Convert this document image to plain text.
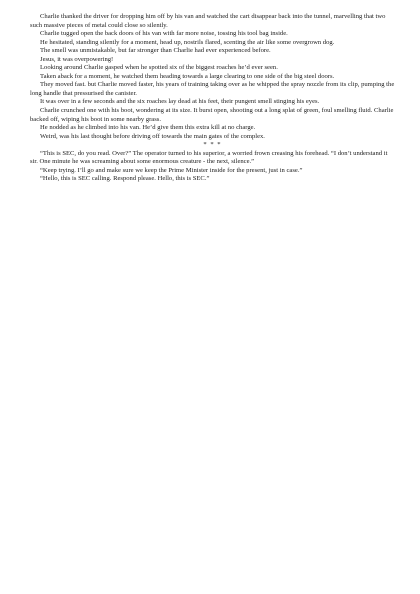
Charlie thanked the driver for dropping him off by his van and watched the cart disappear back into the tunnel, marvelling that two such massive pieces of metal could close so silently.

Charlie tugged open the back doors of his van with far more noise, tossing his tool bag inside.

He hesitated, standing silently for a moment, head up, nostrils flared, scenting the air like some overgrown dog.

The smell was unmistakable, but far stronger than Charlie had ever experienced before.

Jesus, it was overpowering!

Looking around Charlie gasped when he spotted six of the biggest roaches he’d ever seen.

Taken aback for a moment, he watched them heading towards a large clearing to one side of the big steel doors.

They moved fast. but Charlie moved faster, his years of training taking over as he whipped the spray nozzle from its clip, pumping the long handle that pressurised the canister.

It was over in a few seconds and the six roaches lay dead at his feet, their pungent smell stinging his eyes.

Charlie crunched one with his boot, wondering at its size. It burst open, shooting out a long splat of green, foul smelling fluid. Charlie backed off, wiping his boot in some nearby grass.

He nodded as he climbed into his van. He’d give them this extra kill at no charge.

Weird, was his last thought before driving off towards the main gates of the complex.

* * *

“This is SEC, do you read. Over?” The operator turned to his superior, a worried frown creasing his forehead. “I don’t understand it sir. One minute he was screaming about some enormous creature - the next, silence.”

“Keep trying. I’ll go and make sure we keep the Prime Minister inside for the present, just in case.”

“Hello, this is SEC calling. Respond please. Hello, this is SEC.”
